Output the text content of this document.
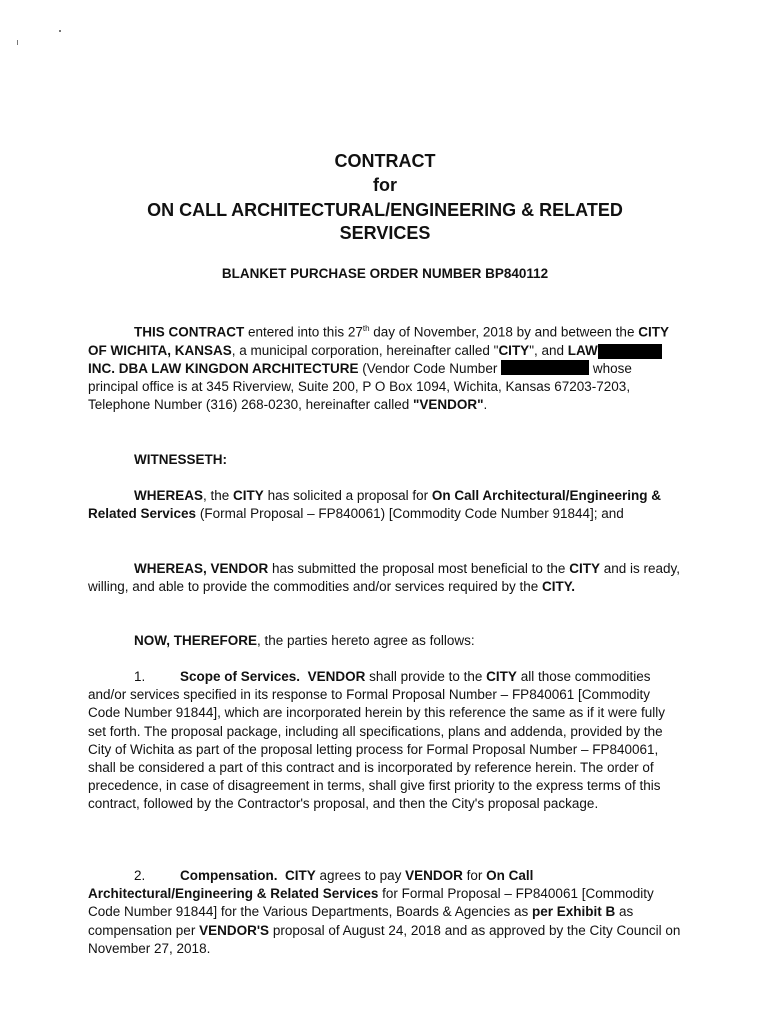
CONTRACT
for
ON CALL ARCHITECTURAL/ENGINEERING & RELATED
SERVICES
BLANKET PURCHASE ORDER NUMBER BP840112

THIS CONTRACT entered into this 27th day of November, 2018 by and between the CITY OF WICHITA, KANSAS, a municipal corporation, hereinafter called "CITY", and LAWKINGDON INC. DBA LAW KINGDON ARCHITECTURE (Vendor Code Number	whose principal office is at 345 Riverview, Suite 200, P O Box 1094, Wichita, Kansas 67203-7203, Telephone Number (316) 268-0230, hereinafter called "VENDOR".

WITNESSETH:

WHEREAS, the CITY has solicited a proposal for On Call Architectural/Engineering & Related Services (Formal Proposal – FP840061) [Commodity Code Number 91844]; and

WHEREAS, VENDOR has submitted the proposal most beneficial to the CITY and is ready, willing, and able to provide the commodities and/or services required by the CITY.

NOW, THEREFORE, the parties hereto agree as follows:

1.	Scope of Services. VENDOR shall provide to the CITY all those commodities and/or services specified in its response to Formal Proposal Number – FP840061 [Commodity Code Number 91844], which are incorporated herein by this reference the same as if it were fully set forth. The proposal package, including all specifications, plans and addenda, provided by the City of Wichita as part of the proposal letting process for Formal Proposal Number – FP840061, shall be considered a part of this contract and is incorporated by reference herein. The order of precedence, in case of disagreement in terms, shall give first priority to the express terms of this contract, followed by the Contractor's proposal, and then the City's proposal package.

2.	Compensation. CITY agrees to pay VENDOR for On Call Architectural/Engineering & Related Services for Formal Proposal – FP840061 [Commodity Code Number 91844] for the Various Departments, Boards & Agencies as per Exhibit B as compensation per VENDOR'S proposal of August 24, 2018 and as approved by the City Council on November 27, 2018.
